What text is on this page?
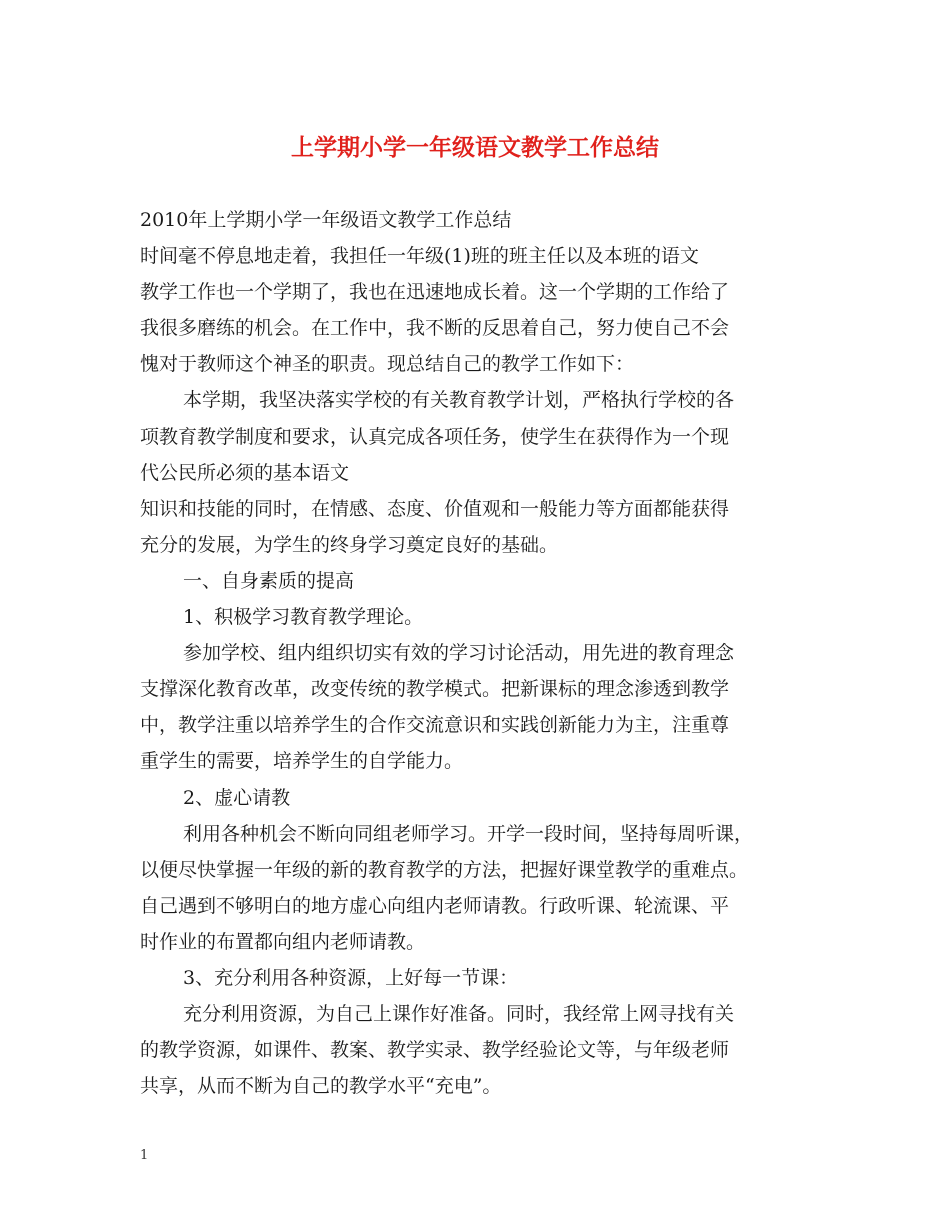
上学期小学一年级语文教学工作总结
2010年上学期小学一年级语文教学工作总结
时间毫不停息地走着，我担任一年级(1)班的班主任以及本班的语文
教学工作也一个学期了，我也在迅速地成长着。这一个学期的工作给了
我很多磨练的机会。在工作中，我不断的反思着自己，努力使自己不会
愧对于教师这个神圣的职责。现总结自己的教学工作如下：
本学期，我坚决落实学校的有关教育教学计划，严格执行学校的各
项教育教学制度和要求，认真完成各项任务，使学生在获得作为一个现
代公民所必须的基本语文
知识和技能的同时，在情感、态度、价值观和一般能力等方面都能获得
充分的发展，为学生的终身学习奠定良好的基础。
一、自身素质的提高
1、积极学习教育教学理论。
参加学校、组内组织切实有效的学习讨论活动，用先进的教育理念
支撑深化教育改革，改变传统的教学模式。把新课标的理念渗透到教学
中，教学注重以培养学生的合作交流意识和实践创新能力为主，注重尊
重学生的需要，培养学生的自学能力。
2、虚心请教
利用各种机会不断向同组老师学习。开学一段时间，坚持每周听课，
以便尽快掌握一年级的新的教育教学的方法，把握好课堂教学的重难点。
自己遇到不够明白的地方虚心向组内老师请教。行政听课、轮流课、平
时作业的布置都向组内老师请教。
3、充分利用各种资源，上好每一节课：
充分利用资源，为自己上课作好准备。同时，我经常上网寻找有关
的教学资源，如课件、教案、教学实录、教学经验论文等，与年级老师
共享，从而不断为自己的教学水平“充电”。
1
